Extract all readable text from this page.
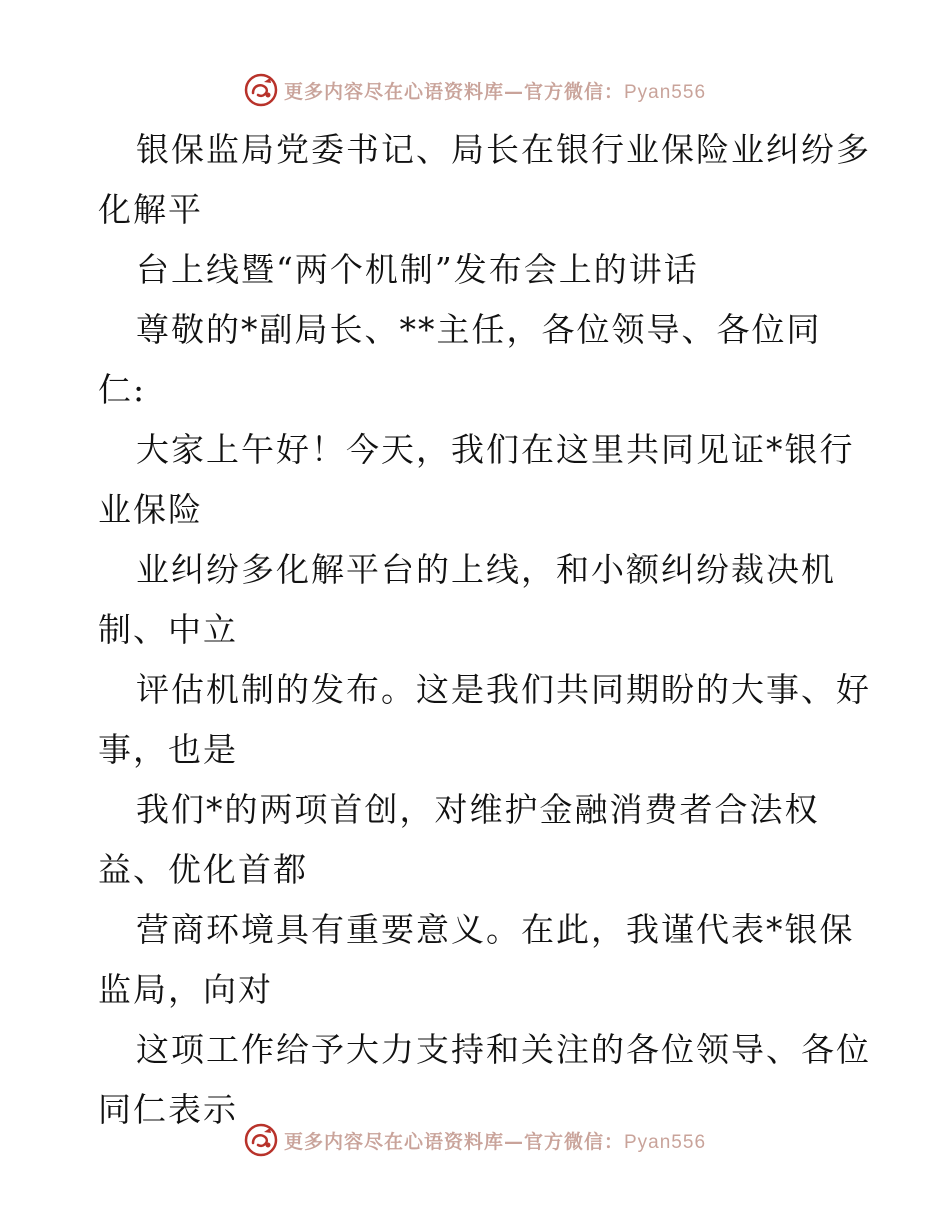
更多内容尽在心语资料库—官方微信：Pyan556
银保监局党委书记、局长在银行业保险业纠纷多
化解平
台上线暨“两个机制”发布会上的讲话
尊敬的*副局长、**主任，各位领导、各位同
仁:
大家上午好！今天，我们在这里共同见证*银行
业保险
业纠纷多化解平台的上线，和小额纠纷裁决机
制、中立
评估机制的发布。这是我们共同期盼的大事、好
事，也是
我们*的两项首创，对维护金融消费者合法权
益、优化首都
营商环境具有重要意义。在此，我谨代表*银保
监局，向对
这项工作给予大力支持和关注的各位领导、各位
同仁表示
更多内容尽在心语资料库—官方微信：Pyan556
